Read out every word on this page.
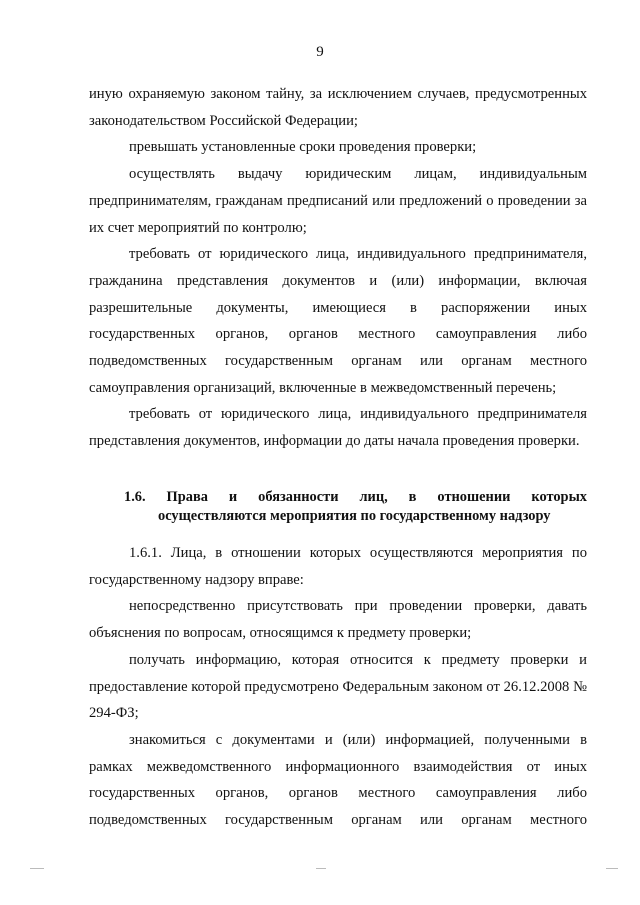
9

иную охраняемую законом тайну, за исключением случаев, предусмотренных законодательством Российской Федерации;

превышать установленные сроки проведения проверки;

осуществлять выдачу юридическим лицам, индивидуальным предпринимателям, гражданам предписаний или предложений о проведении за их счет мероприятий по контролю;

требовать от юридического лица, индивидуального предпринимателя, гражданина представления документов и (или) информации, включая разрешительные документы, имеющиеся в распоряжении иных государственных органов, органов местного самоуправления либо подведомственных государственным органам или органам местного самоуправления организаций, включенные в межведомственный перечень;

требовать от юридического лица, индивидуального предпринимателя представления документов, информации до даты начала проведения проверки.

1.6. Права и обязанности лиц, в отношении которых
осуществляются мероприятия по государственному надзору

1.6.1. Лица, в отношении которых осуществляются мероприятия по государственному надзору вправе:

непосредственно присутствовать при проведении проверки, давать объяснения по вопросам, относящимся к предмету проверки;

получать информацию, которая относится к предмету проверки и предоставление которой предусмотрено Федеральным законом от 26.12.2008 № 294-ФЗ;

знакомиться с документами и (или) информацией, полученными в рамках межведомственного информационного взаимодействия от иных государственных органов, органов местного самоуправления либо подведомственных государственным органам или органам местного
